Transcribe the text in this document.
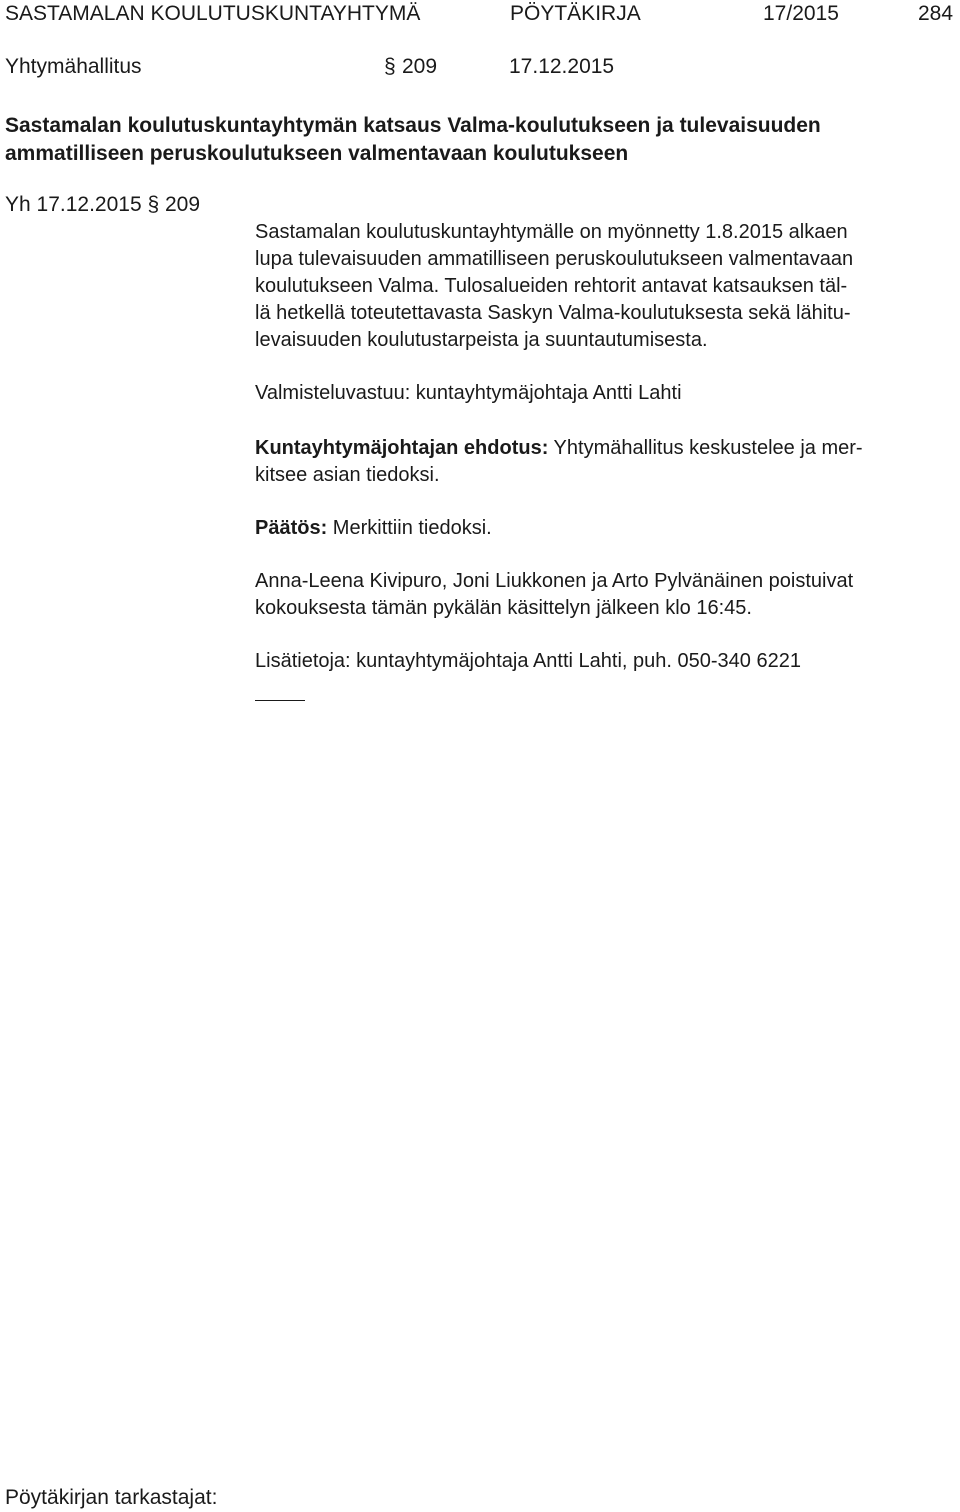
SASTAMALAN KOULUTUSKUNTAYHTYMÄ	PÖYTÄKIRJA	17/2015	284
Yhtymähallitus	§ 209	17.12.2015
Sastamalan koulutuskuntayhtymän katsaus Valma-koulutukseen ja tulevaisuuden
ammatilliseen peruskoulutukseen valmentavaan koulutukseen
Yh 17.12.2015 § 209
Sastamalan koulutuskuntayhtymälle on myönnetty 1.8.2015 alkaen
lupa tulevaisuuden ammatilliseen peruskoulutukseen valmentavaan
koulutukseen Valma. Tulosalueiden rehtorit antavat katsauksen täl-
lä hetkellä toteutettavasta Saskyn Valma-koulutuksesta sekä lähitu-
levaisuuden koulutustarpeista ja suuntautumisesta.
Valmisteluvastuu: kuntayhtymäjohtaja Antti Lahti
Kuntayhtymäjohtajan ehdotus: Yhtymähallitus keskustelee ja mer-
kitsee asian tiedoksi.
Päätös: Merkittiin tiedoksi.
Anna-Leena Kivipuro, Joni Liukkonen ja Arto Pylvänäinen poistuivat
kokouksesta tämän pykälän käsittelyn jälkeen klo 16:45.
Lisätietoja: kuntayhtymäjohtaja Antti Lahti, puh. 050-340 6221
Pöytäkirjan tarkastajat:
